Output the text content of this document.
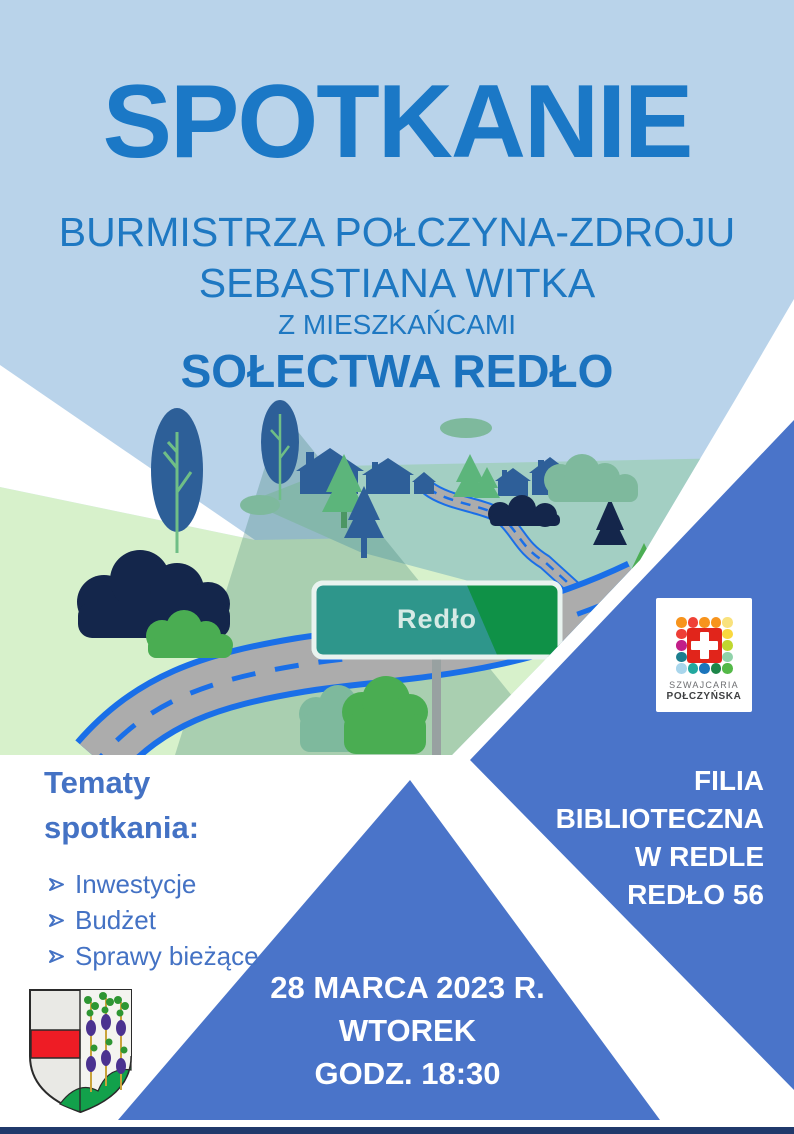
SPOTKANIE
BURMISTRZA POŁCZYNA-ZDROJU
SEBASTIANA WITKA
Z MIESZKAŃCAMI
SOŁECTWA REDŁO
Redło
SZWAJCARIA
POŁCZYŃSKA
FILIA
BIBLIOTECZNA
W REDLE
REDŁO 56
Tematy
spotkania:
Inwestycje
Budżet
Sprawy bieżące
28 MARCA 2023 R.
WTOREK
GODZ. 18:30
